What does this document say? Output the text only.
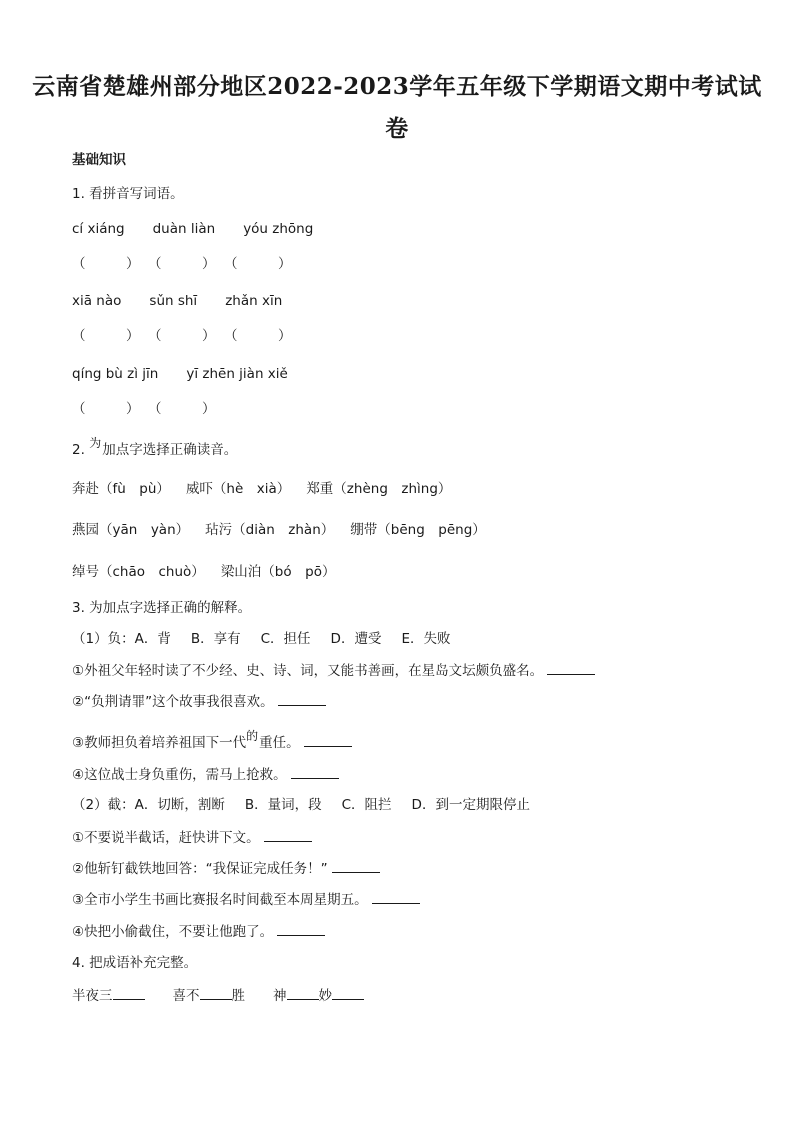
云南省楚雄州部分地区2022-2023学年五年级下学期语文期中考试试
卷
基础知识
1. 看拼音写词语。
cí xiáng duàn liàn yóu zhōng
（　　　	） （　　　	） （　　　	）
xiā nào sǔn shī zhǎn xīn
（　　　	） （　　　	） （　　　	）
qíng bù zì jīn yī zhēn jiàn xiě
（　　　	） （　　　	）
2. 为加点字选择正确读音。
奔赴（fù　pù） 威吓（hè　xià） 郑重（zhèng　zhìng）
燕园（yān　yàn） 玷污（diàn　zhàn） 绷带（bēng　pēng）
绰号（chāo　chuò） 梁山泊（bó　pō）
3. 为加点字选择正确的解释。
（1）负：A．背 B．享有 C．担任 D．遭受 E．失败
①外祖父年轻时读了不少经、史、诗、词，又能书善画，在星岛文坛颇负盛名。
②“负荆请罪”这个故事我很喜欢。
③教师担负着培养祖国下一代的重任。
④这位战士身负重伤，需马上抢救。
（2）截：A．切断，割断 B．量词，段 C．阻拦 D．到一定期限停止
①不要说半截话，赶快讲下文。
②他斩钉截铁地回答：“我保证完成任务！”
③全市小学生书画比赛报名时间截至本周星期五。
④快把小偷截住，不要让他跑了。
4. 把成语补充完整。
半夜三	喜不 胜 神 妙
